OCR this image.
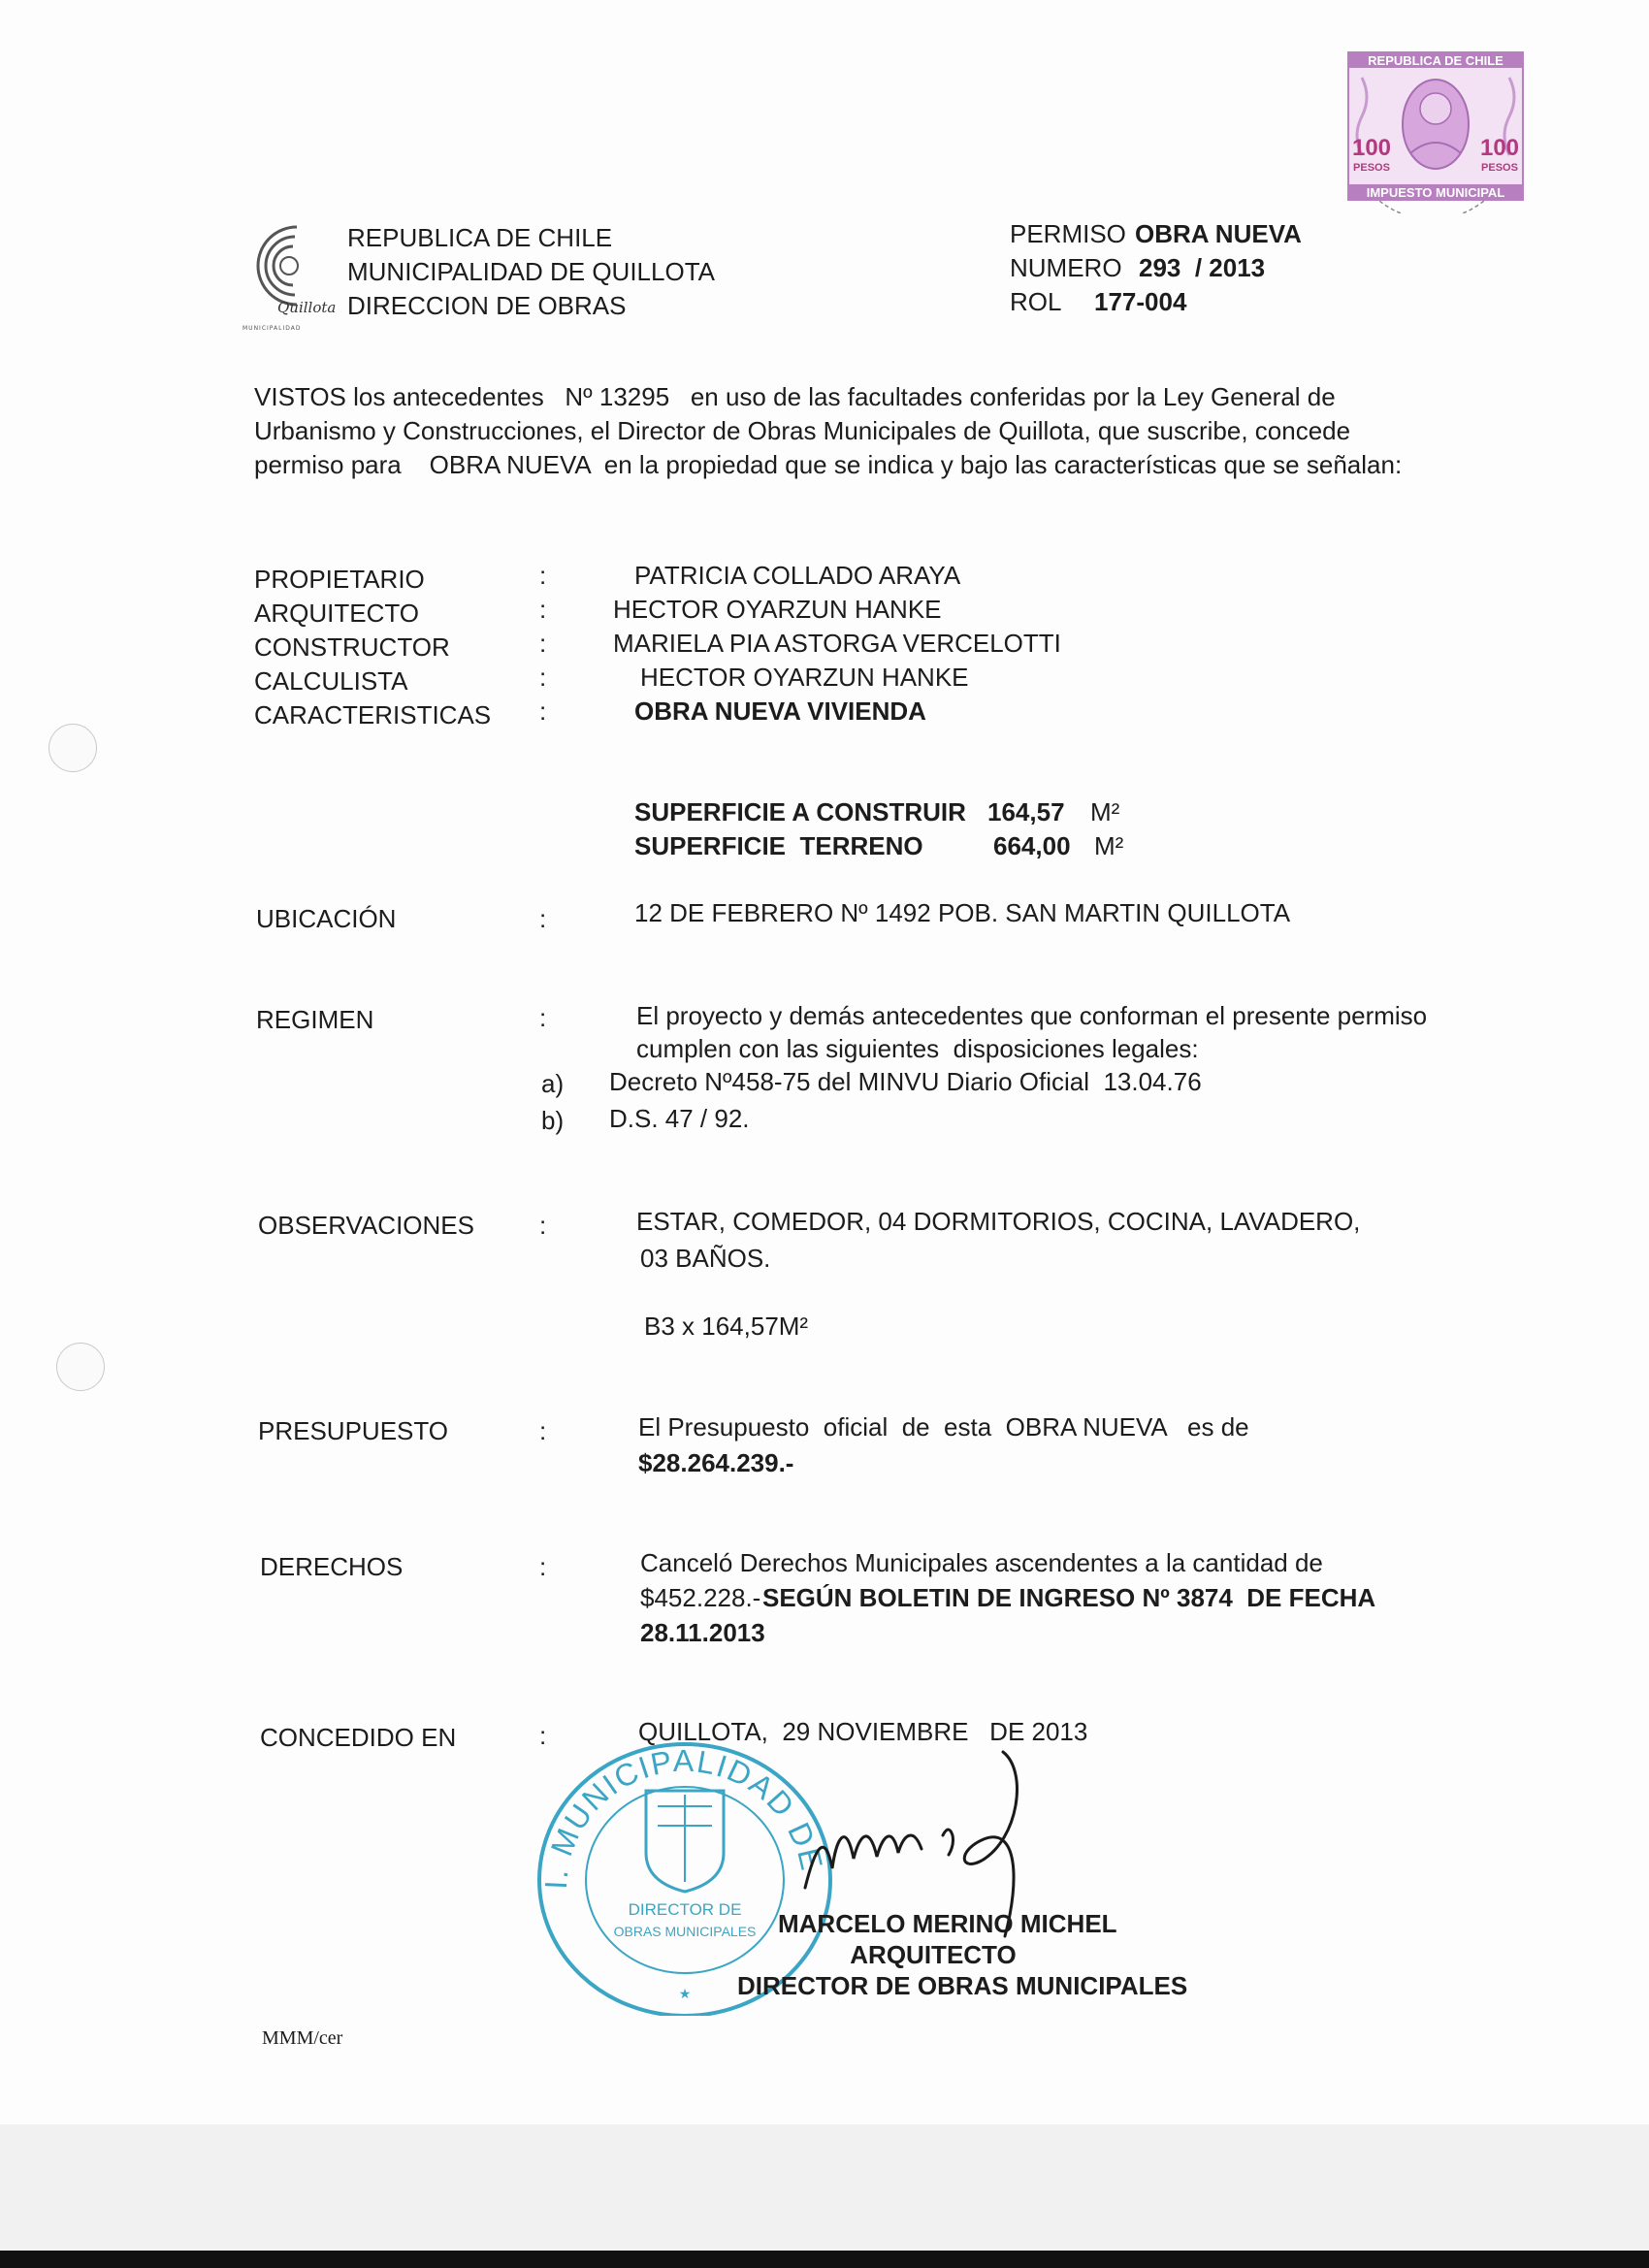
REPUBLICA DE CHILE
100	100
PESOS	PESOS
IMPUESTO MUNICIPAL
Quillota
MUNICIPALIDAD
REPUBLICA DE CHILE
MUNICIPALIDAD DE QUILLOTA
DIRECCION DE OBRAS
PERMISO OBRA NUEVA
NUMERO 293  / 2013
ROL 177-004
VISTOS los antecedentes   Nº 13295   en uso de las facultades conferidas por la Ley General de
Urbanismo y Construcciones, el Director de Obras Municipales de Quillota, que suscribe, concede
permiso para    OBRA NUEVA  en la propiedad que se indica y bajo las características que se señalan:
PROPIETARIO	:	PATRICIA COLLADO ARAYA
ARQUITECTO	:	HECTOR OYARZUN HANKE
CONSTRUCTOR	:	MARIELA PIA ASTORGA VERCELOTTI
CALCULISTA	:	HECTOR OYARZUN HANKE
CARACTERISTICAS :	OBRA NUEVA VIVIENDA
SUPERFICIE A CONSTRUIR 164,57 M²
SUPERFICIE  TERRENO	664,00 M²
UBICACIÓN	:	12 DE FEBRERO Nº 1492 POB. SAN MARTIN QUILLOTA
REGIMEN	:	El proyecto y demás antecedentes que conforman el presente permiso
cumplen con las siguientes  disposiciones legales:
a) Decreto Nº458-75 del MINVU Diario Oficial  13.04.76
b) D.S. 47 / 92.
OBSERVACIONES	:	ESTAR, COMEDOR, 04 DORMITORIOS, COCINA, LAVADERO,
03 BAÑOS.
B3 x 164,57M²
PRESUPUESTO	:	El Presupuesto  oficial  de  esta  OBRA NUEVA   es de
$28.264.239.-
DERECHOS	:	Canceló Derechos Municipales ascendentes a la cantidad de
$452.228.- SEGÚN BOLETIN DE INGRESO Nº 3874  DE FECHA
28.11.2013
CONCEDIDO EN	:	QUILLOTA,  29 NOVIEMBRE   DE 2013
I. MUNICIPALIDAD DE
DIRECTOR DE
OBRAS MUNICIPALES
★
MARCELO MERINO MICHEL
ARQUITECTO
DIRECTOR DE OBRAS MUNICIPALES
MMM/cer
